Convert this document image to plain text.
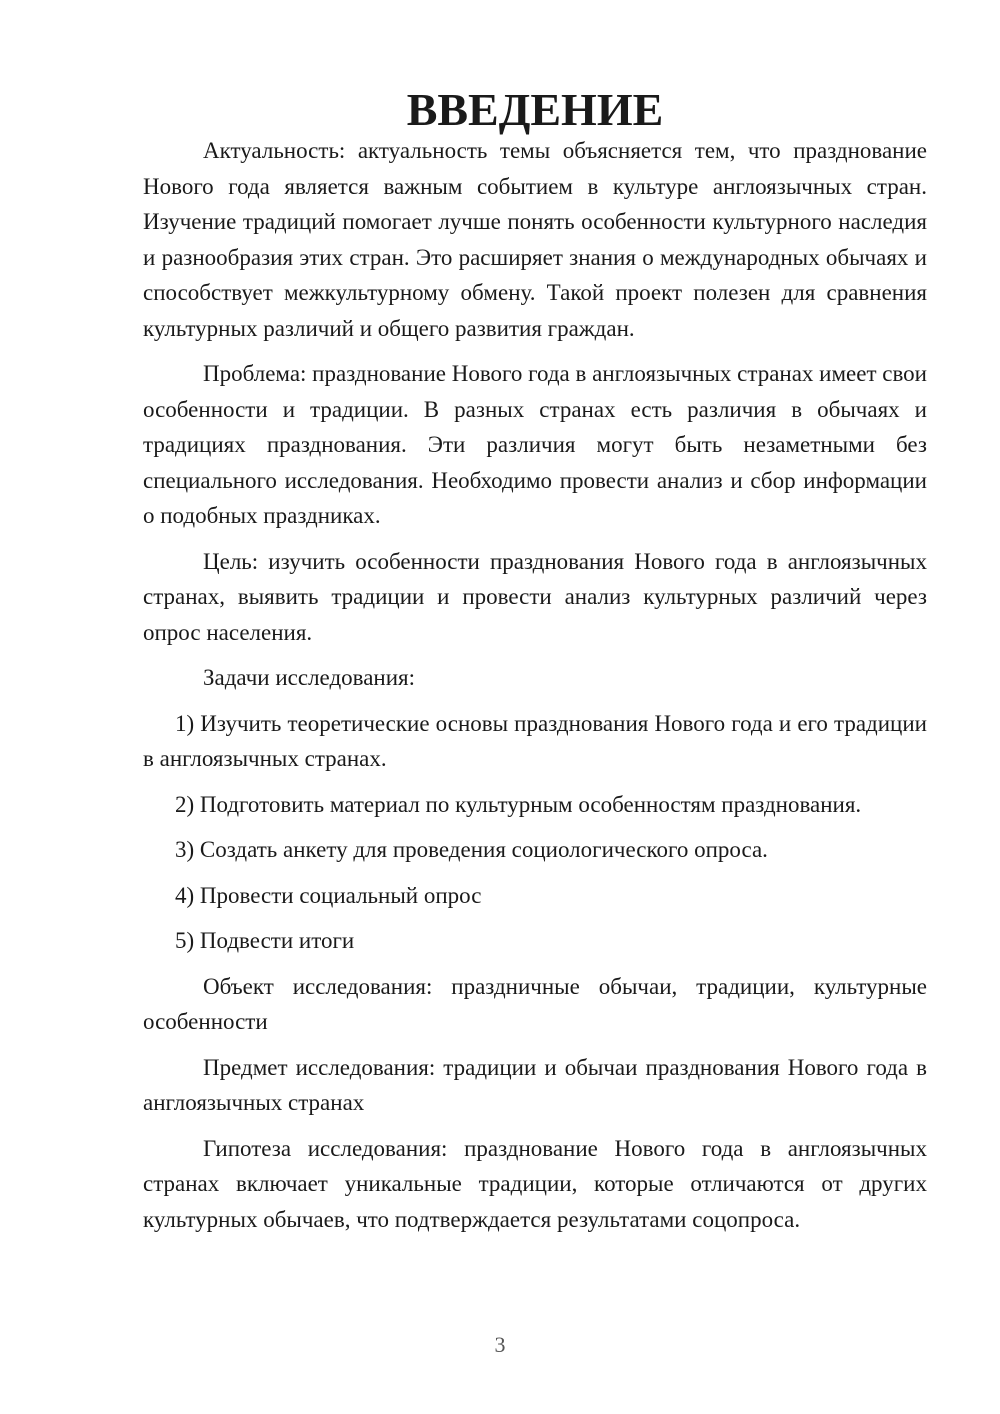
ВВЕДЕНИЕ

Актуальность: актуальность темы объясняется тем, что празднование Нового года является важным событием в культуре англоязычных стран. Изучение традиций помогает лучше понять особенности культурного наследия и разнообразия этих стран. Это расширяет знания о международных обычаях и способствует межкультурному обмену. Такой проект полезен для сравнения культурных различий и общего развития граждан.

Проблема: празднование Нового года в англоязычных странах имеет свои особенности и традиции. В разных странах есть различия в обычаях и традициях празднования. Эти различия могут быть незаметными без специального исследования. Необходимо провести анализ и сбор информации о подобных праздниках.

Цель: изучить особенности празднования Нового года в англоязычных странах, выявить традиции и провести анализ культурных различий через опрос населения.

Задачи исследования:

1) Изучить теоретические основы празднования Нового года и его традиции в англоязычных странах.

2) Подготовить материал по культурным особенностям празднования.

3) Создать анкету для проведения социологического опроса.

4) Провести социальный опрос

5) Подвести итоги

Объект исследования: праздничные обычаи, традиции, культурные особенности

Предмет исследования: традиции и обычаи празднования Нового года в англоязычных странах

Гипотеза исследования: празднование Нового года в англоязычных странах включает уникальные традиции, которые отличаются от других культурных обычаев, что подтверждается результатами соцопроса.

3
